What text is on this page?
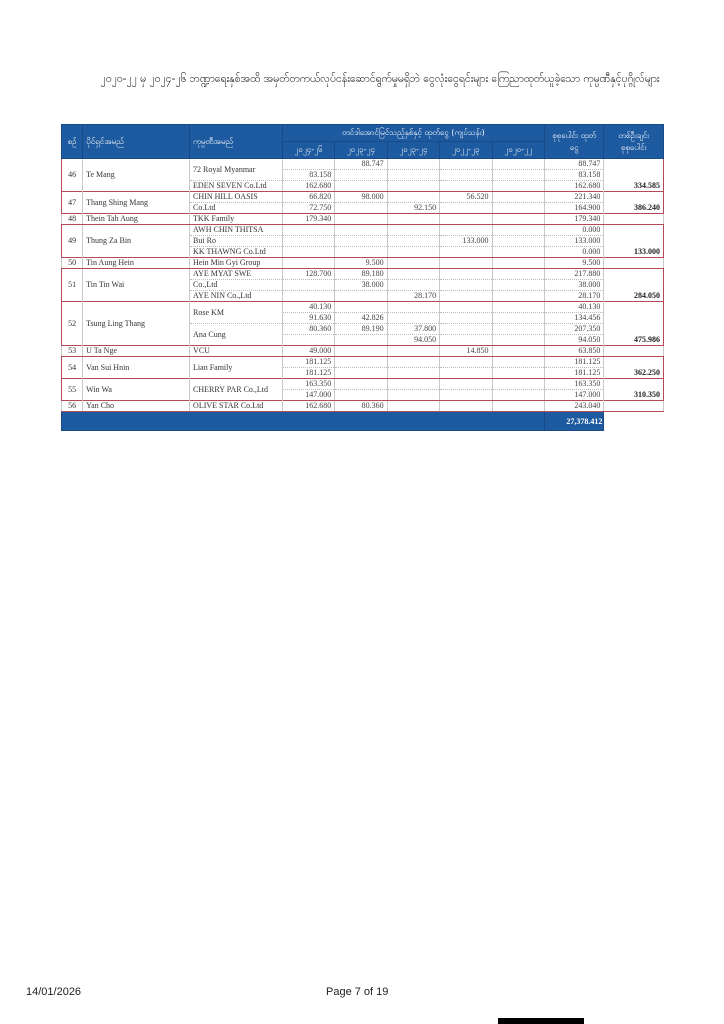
၂၀၂၀-၂၂ မှ ၂၀၂၄-၂၆ ဘဏ္ဍာရေးနှစ်အထိ အမှတ်တကယ်လုပ်ငန်းဆောင်ရွက်မှုမရှိဘဲ ငွေလုံးငွေရင်းများ ကြေညာထုတ်ယူခဲ့သော ကုမ္ပဏီနှင့်ပုဂ္ဂိုလ်များ
စဉ်	ပိုင်ရှင်အမည်	ကုမ္ပဏီအမည်	တင်ဒါအောင်မြင်သည့်နှစ်နှင့် ထုတ်ငွေ (ကျပ်သန်း)					စုစုပေါင်း ထုတ်ငွေ	တစ်ဦးချင်း စုစုပေါင်း
			၂၀၂၄-၂၆	၂၀၂၃-၂၄	၂၀၂၃-၂၄	၂၀၂၂-၂၃	၂၀၂၀-၂၂		
46	Te Mang	72 Royal Myanmar		88.747				88.747	334.585
			83.158					83.158	
		EDEN SEVEN Co.Ltd	162.680					162.680	
47	Thang Shing Mang	CHIN HILL OASIS	66.820	98.000		56.520		221.340	386.240
		Co.Ltd	72.750		92.150			164.900	
48	Thein Tah Aung	TKK Family	179.340					179.340	
49	Thung Za Bin	AWH CHIN THITSA						0.000	133.000
		Bui Ro				133.000		133.000	
		KK THAWNG Co.Ltd						0.000	
50	Tin Aung Hein	Hein Min Gyi Group		9.500				9.500	
51	Tin Tin Wai	AYE MYAT SWE	128.700	89.180				217.880	284.050
		Co.,Ltd		38.000				38.000	
		AYE NIN Co.,Ltd			28.170			28.170	
52	Tsung Ling Thang	Rose KM	40.130					40.130	475.986
			91.630	42.826				134.456	
		Ana Cung	80.360	89.190	37.800			207.350	
					94.050			94.050	
53	U Ta Nge	VCU	49.000			14.850		63.850	
54	Van Sui Hnin	Lian Family	181.125					181.125	362.250
			181.125					181.125	
55	Win Wa	CHERRY PAR Co.,Ltd	163.350					163.350	310.350
			147.000					147.000	
56	Yan Cho	OLIVE STAR Co.Ltd	162.680	80.360				243.040	
								27,378.412	
14/01/2026	Page 7 of 19
